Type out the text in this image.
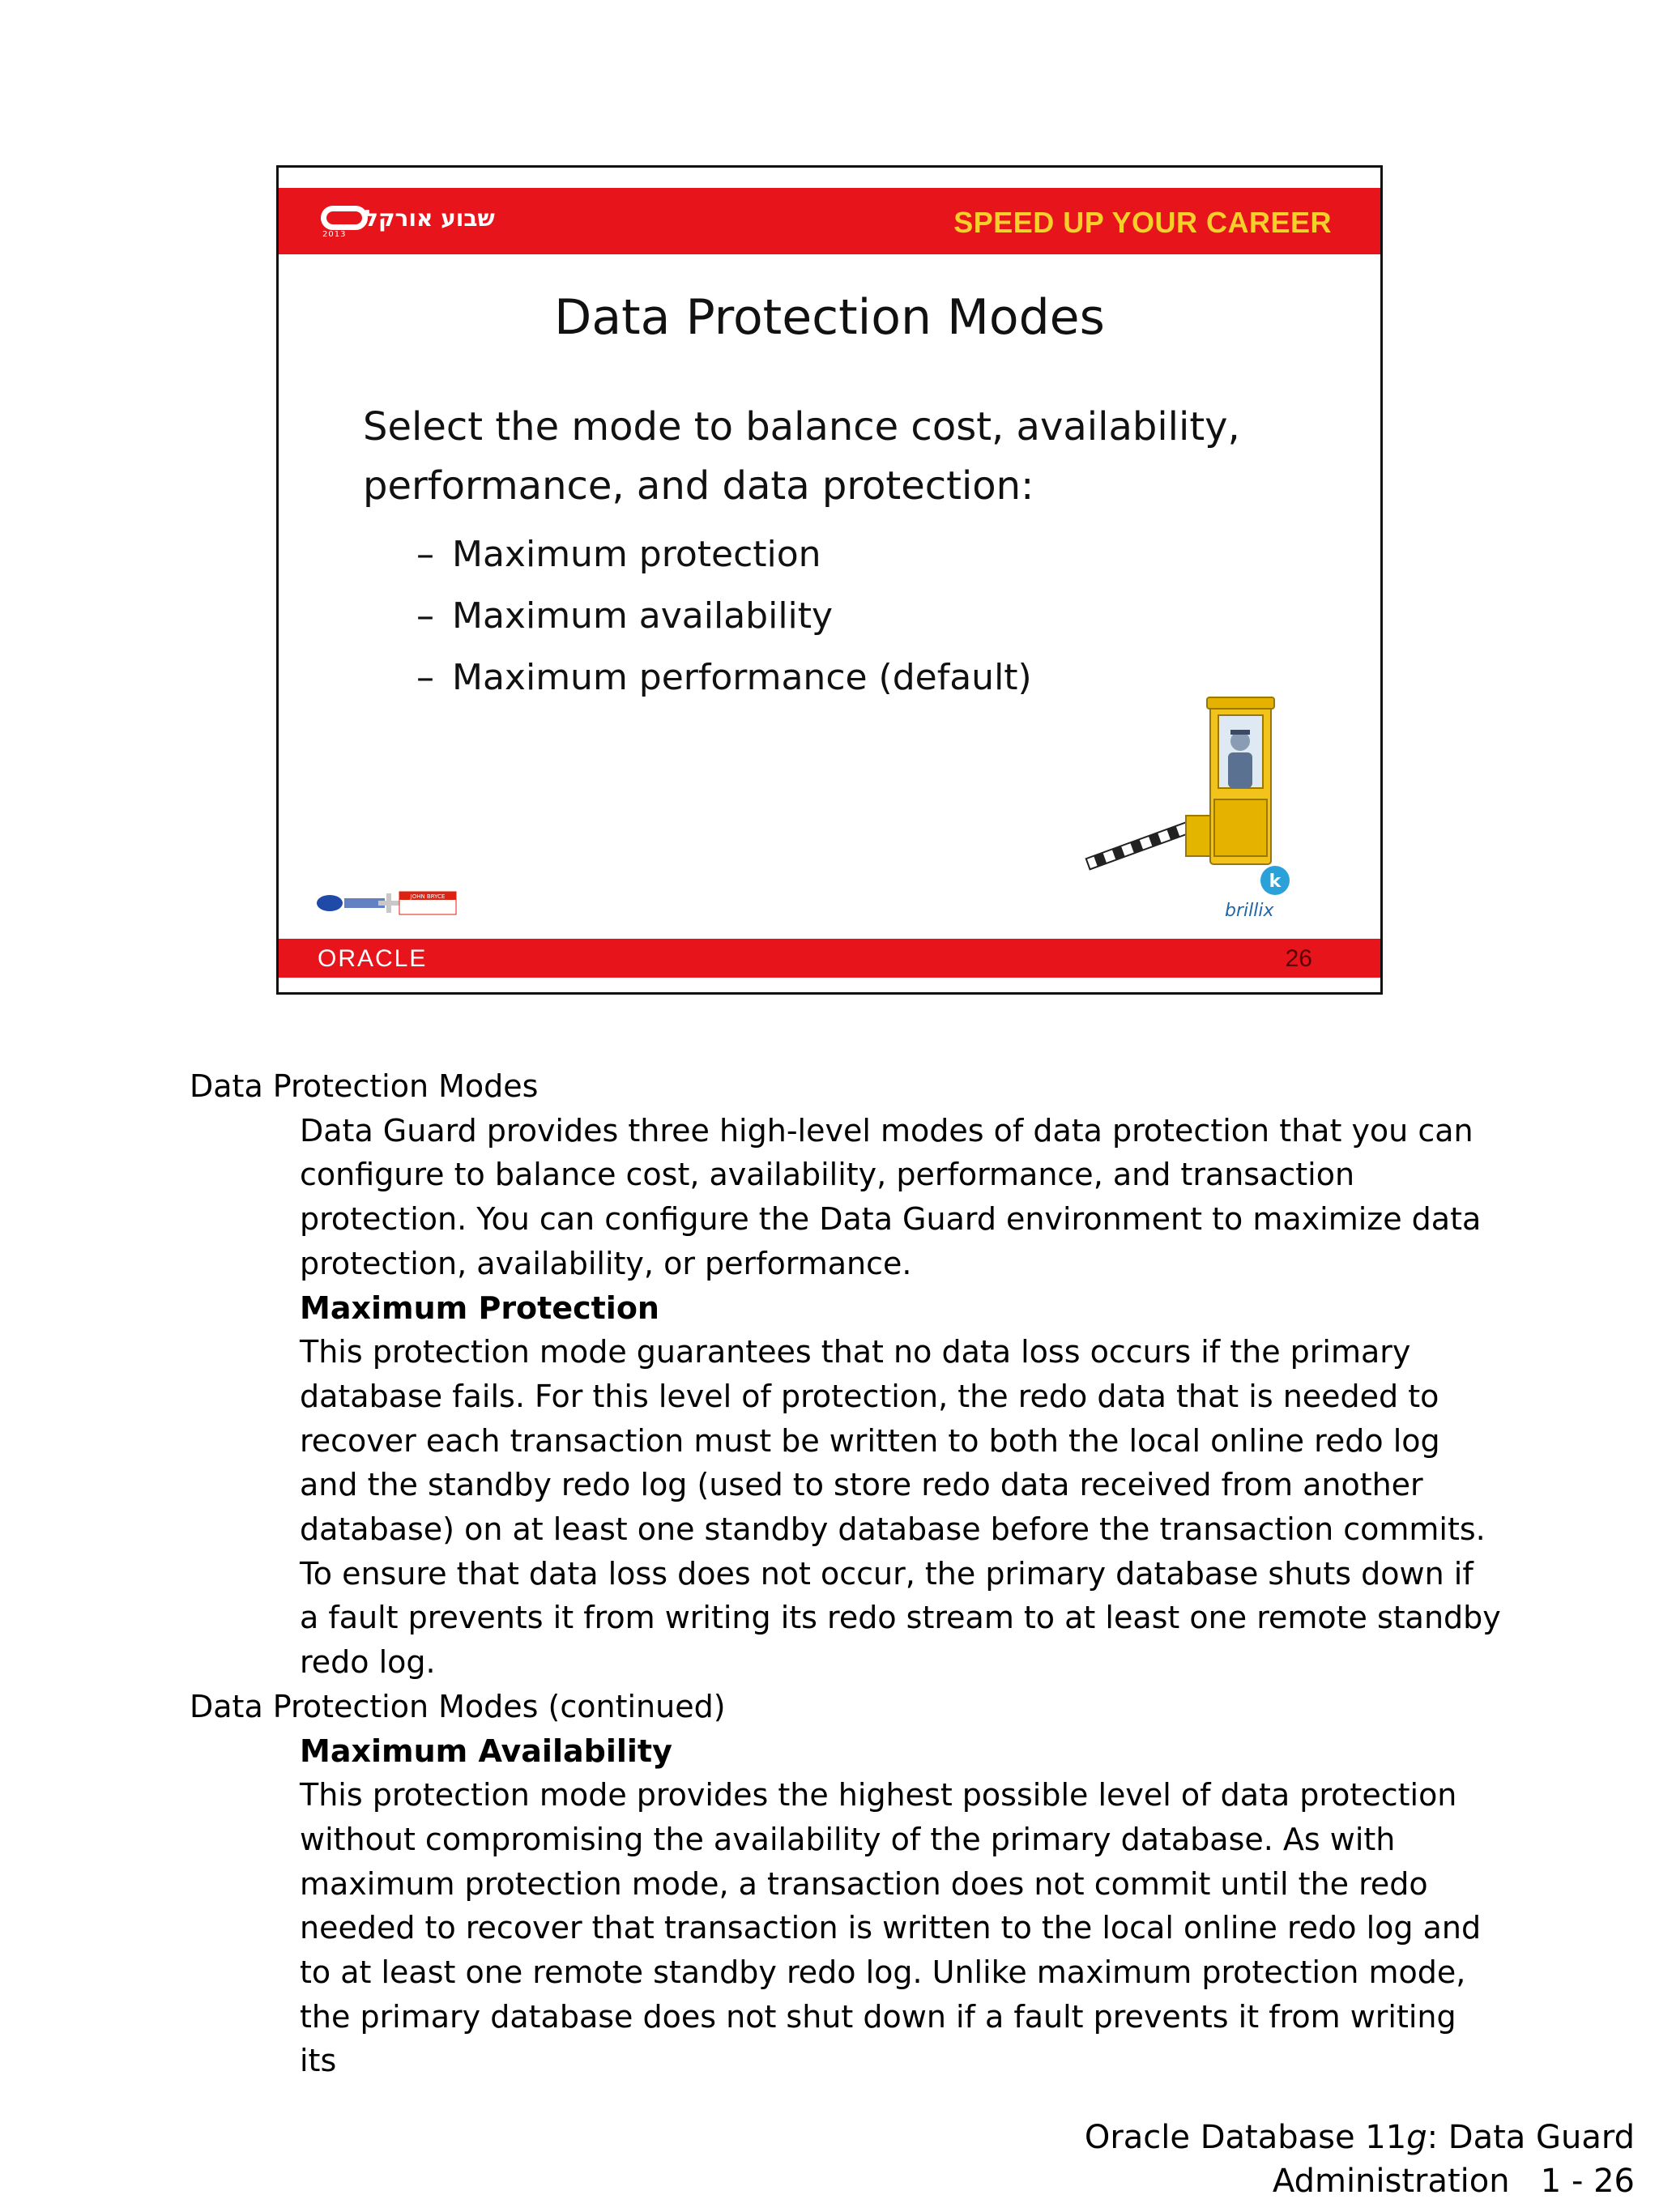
2013
שבוע אורקל	SPEED UP YOUR CAREER
Data Protection Modes

Select the mode to balance cost, availability, performance, and data protection:

– Maximum protection
– Maximum availability
– Maximum performance (default)
JOHN BRYCE
k
brillix
ORACLE	26

Data Protection Modes

Data Guard provides three high-level modes of data protection that you can configure to balance cost, availability, performance, and transaction protection. You can configure the Data Guard environment to maximize data protection, availability, or performance.

Maximum Protection

This protection mode guarantees that no data loss occurs if the primary database fails. For this level of protection, the redo data that is needed to recover each transaction must be written to both the local online redo log and the standby redo log (used to store redo data received from another database) on at least one standby database before the transaction commits. To ensure that data loss does not occur, the primary database shuts down if a fault prevents it from writing its redo stream to at least one remote standby redo log.

Data Protection Modes (continued)

Maximum Availability

This protection mode provides the highest possible level of data protection without compromising the availability of the primary database. As with maximum protection mode, a transaction does not commit until the redo needed to recover that transaction is written to the local online redo log and to at least one remote standby redo log. Unlike maximum protection mode, the primary database does not shut down if a fault prevents it from writing its

Oracle Database 11g: Data Guard
Administration 1 - 26
